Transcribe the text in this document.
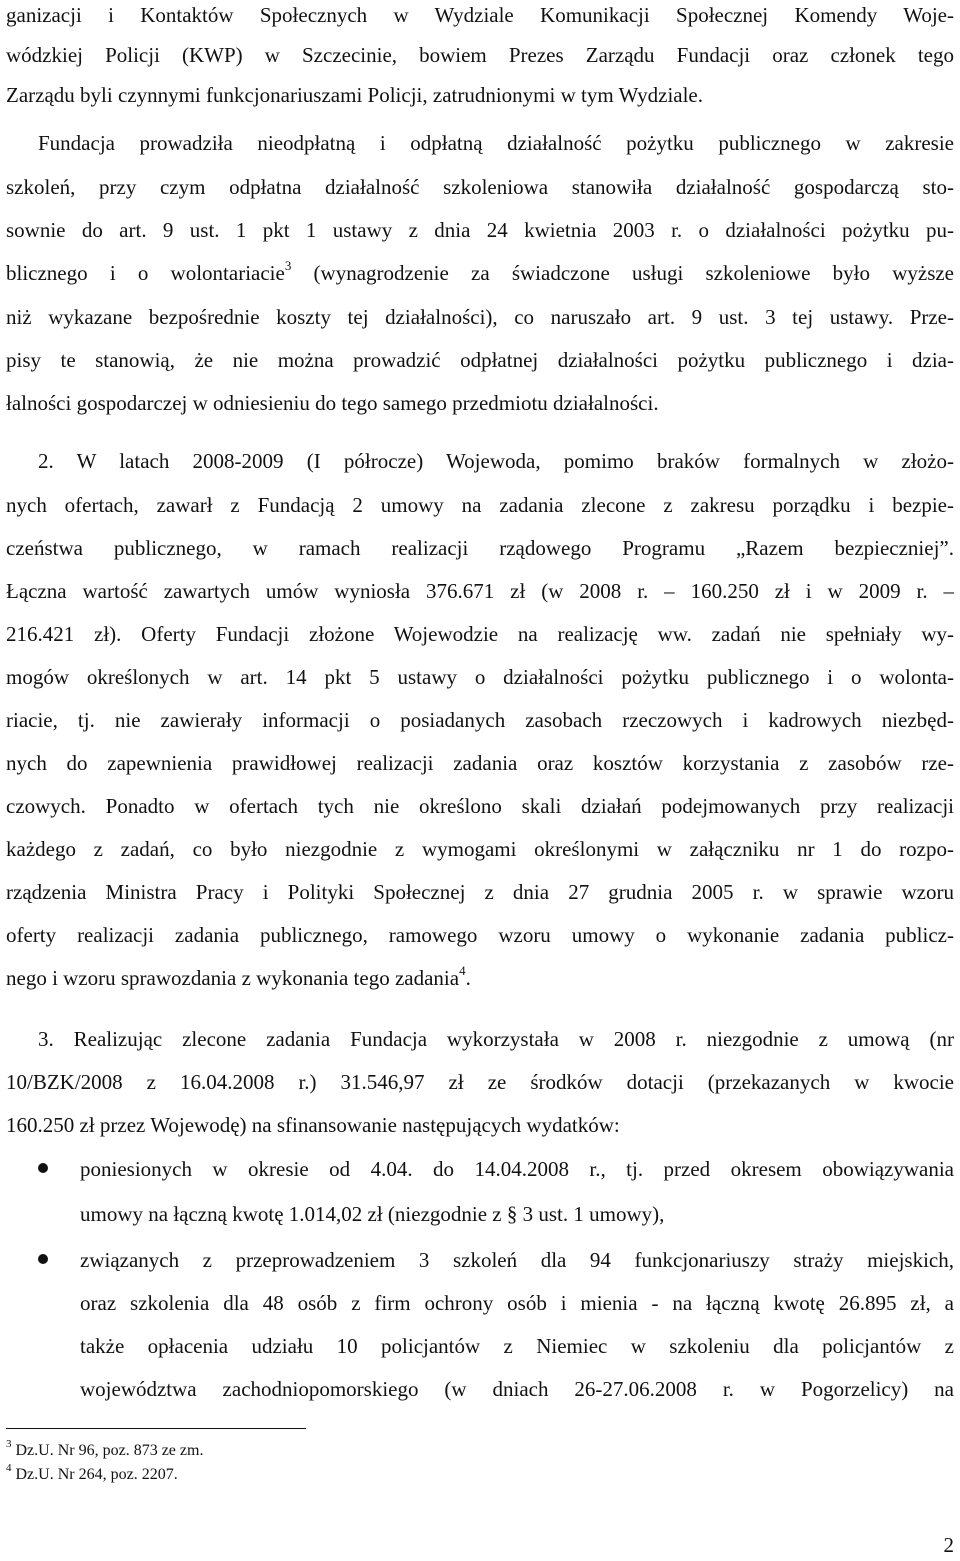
ganizacji i Kontaktów Społecznych w Wydziale Komunikacji Społecznej Komendy Woje-
wódzkiej Policji (KWP) w Szczecinie, bowiem Prezes Zarządu Fundacji oraz członek tego
Zarządu byli czynnymi funkcjonariuszami Policji, zatrudnionymi w tym Wydziale.
Fundacja prowadziła nieodpłatną i odpłatną działalność pożytku publicznego w zakresie
szkoleń, przy czym odpłatna działalność szkoleniowa stanowiła działalność gospodarczą sto-
sownie do art. 9 ust. 1 pkt 1 ustawy z dnia 24 kwietnia 2003 r. o działalności pożytku pu-
blicznego i o wolontariacie$^3$ (wynagrodzenie za świadczone usługi szkoleniowe było wyższe
niż wykazane bezpośrednie koszty tej działalności), co naruszało art. 9 ust. 3 tej ustawy. Prze-
pisy te stanowią, że nie można prowadzić odpłatnej działalności pożytku publicznego i dzia-
łalności gospodarczej w odniesieniu do tego samego przedmiotu działalności.
2. W latach 2008-2009 (I półrocze) Wojewoda, pomimo braków formalnych w złożo-
nych ofertach, zawarł z Fundacją 2 umowy na zadania zlecone z zakresu porządku i bezpie-
czeństwa publicznego, w ramach realizacji rządowego Programu „Razem bezpieczniej”.
Łączna wartość zawartych umów wyniosła 376.671 zł (w 2008 r. – 160.250 zł i w 2009 r. –
216.421 zł). Oferty Fundacji złożone Wojewodzie na realizację ww. zadań nie spełniały wy-
mogów określonych w art. 14 pkt 5 ustawy o działalności pożytku publicznego i o wolonta-
riacie, tj. nie zawierały informacji o posiadanych zasobach rzeczowych i kadrowych niezbęd-
nych do zapewnienia prawidłowej realizacji zadania oraz kosztów korzystania z zasobów rze-
czowych. Ponadto w ofertach tych nie określono skali działań podejmowanych przy realizacji
każdego z zadań, co było niezgodnie z wymogami określonymi w załączniku nr 1 do rozpo-
rządzenia Ministra Pracy i Polityki Społecznej z dnia 27 grudnia 2005 r. w sprawie wzoru
oferty realizacji zadania publicznego, ramowego wzoru umowy o wykonanie zadania publicz-
nego i wzoru sprawozdania z wykonania tego zadania$^4$.
3. Realizując zlecone zadania Fundacja wykorzystała w 2008 r. niezgodnie z umową (nr
10/BZK/2008 z 16.04.2008 r.) 31.546,97 zł ze środków dotacji (przekazanych w kwocie
160.250 zł przez Wojewodę) na sfinansowanie następujących wydatków:
poniesionych w okresie od 4.04. do 14.04.2008 r., tj. przed okresem obowiązywania
umowy na łączną kwotę 1.014,02 zł (niezgodnie z § 3 ust. 1 umowy),
związanych z przeprowadzeniem 3 szkoleń dla 94 funkcjonariuszy straży miejskich,
oraz szkolenia dla 48 osób z firm ochrony osób i mienia - na łączną kwotę 26.895 zł, a
także opłacenia udziału 10 policjantów z Niemiec w szkoleniu dla policjantów z
województwa zachodniopomorskiego (w dniach 26-27.06.2008 r. w Pogorzelicy) na
$^3$ Dz.U. Nr 96, poz. 873 ze zm.
$^4$ Dz.U. Nr 264, poz. 2207.
2
